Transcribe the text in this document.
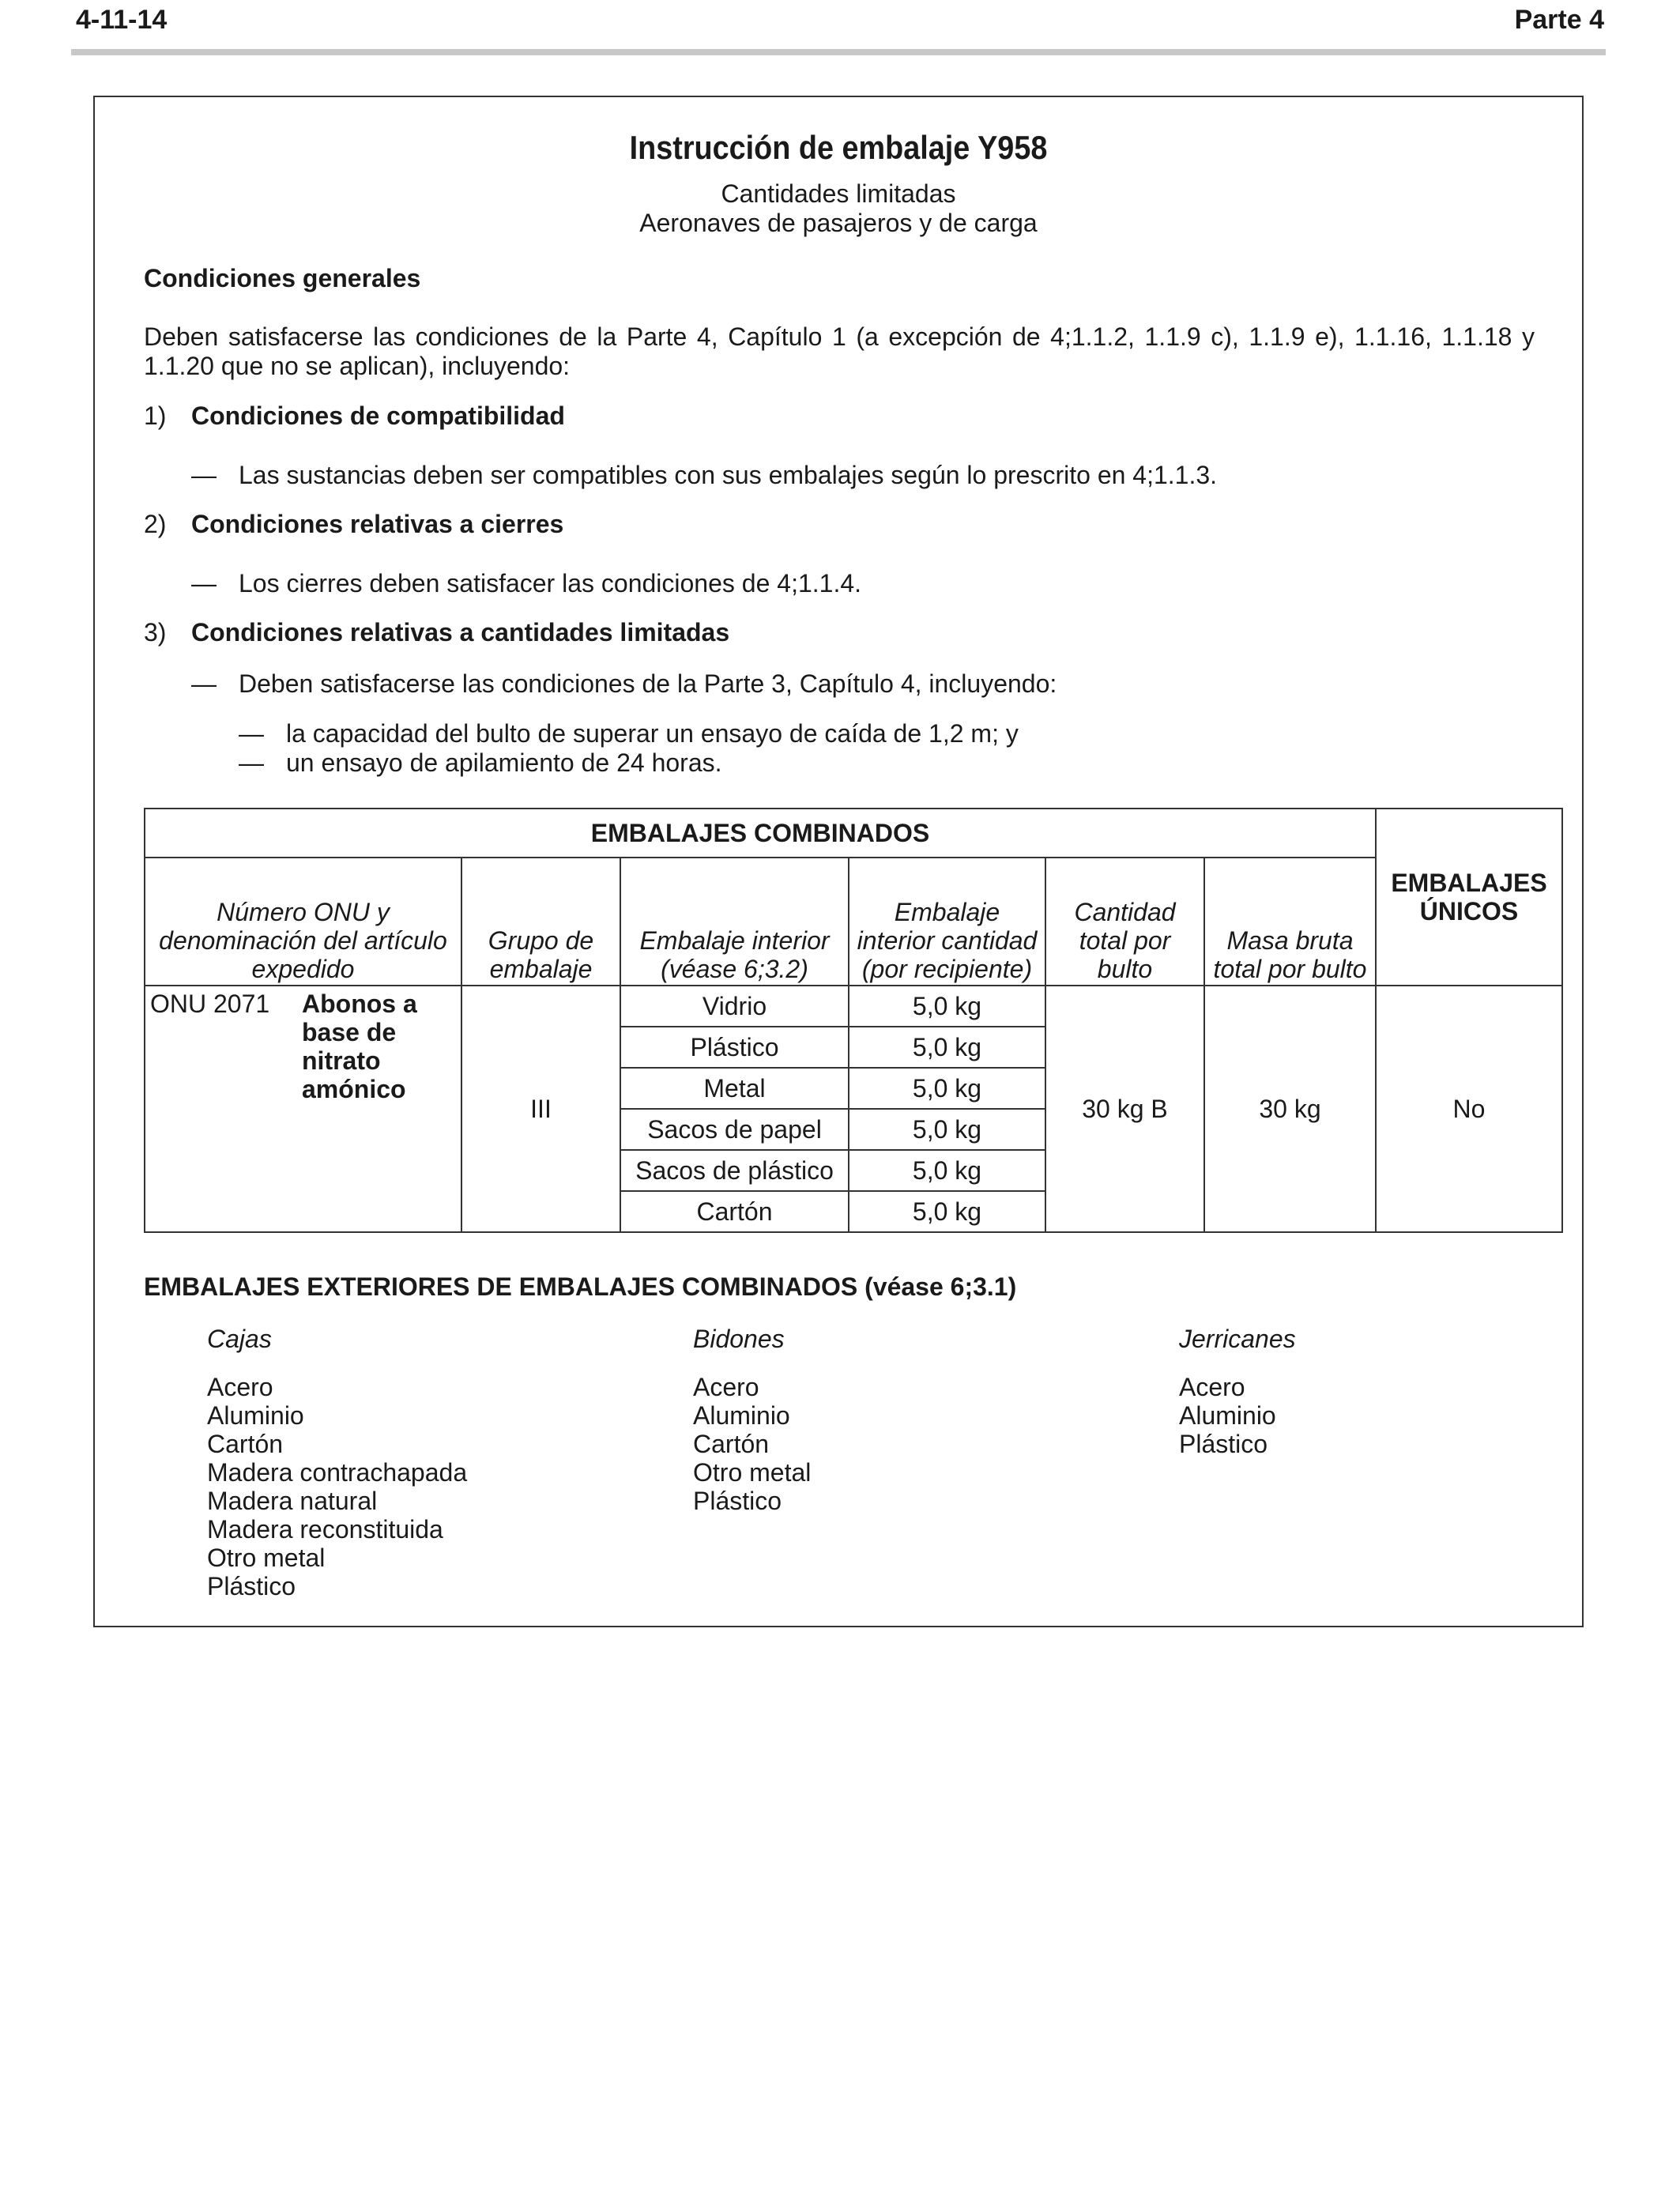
4-11-14	Parte 4
Instrucción de embalaje Y958
Cantidades limitadas
Aeronaves de pasajeros y de carga
Condiciones generales
Deben satisfacerse las condiciones de la Parte 4, Capítulo 1 (a excepción de 4;1.1.2, 1.1.9 c), 1.1.9 e), 1.1.16, 1.1.18 y 1.1.20 que no se aplican), incluyendo:
1) Condiciones de compatibilidad
— Las sustancias deben ser compatibles con sus embalajes según lo prescrito en 4;1.1.3.
2) Condiciones relativas a cierres
— Los cierres deben satisfacer las condiciones de 4;1.1.4.
3) Condiciones relativas a cantidades limitadas
— Deben satisfacerse las condiciones de la Parte 3, Capítulo 4, incluyendo:
— la capacidad del bulto de superar un ensayo de caída de 1,2 m; y
— un ensayo de apilamiento de 24 horas.
EMBALAJES COMBINADOS						EMBALAJES ÚNICOS
Número ONU y denominación del artículo expedido	Grupo de embalaje	Embalaje interior (véase 6;3.2)	Embalaje interior cantidad (por recipiente)	Cantidad total por bulto	Masa bruta total por bulto	

ONU 2071 Abonos a base de nitrato amónico	III	Vidrio	5,0 kg	30 kg B	30 kg	No
		Plástico	5,0 kg			
		Metal	5,0 kg			
		Sacos de papel	5,0 kg			
		Sacos de plástico	5,0 kg			
		Cartón	5,0 kg			
EMBALAJES EXTERIORES DE EMBALAJES COMBINADOS (véase 6;3.1)
Cajas
Acero
Aluminio
Cartón
Madera contrachapada
Madera natural
Madera reconstituida
Otro metal
Plástico
Bidones
Acero
Aluminio
Cartón
Otro metal
Plástico
Jerricanes
Acero
Aluminio
Plástico
